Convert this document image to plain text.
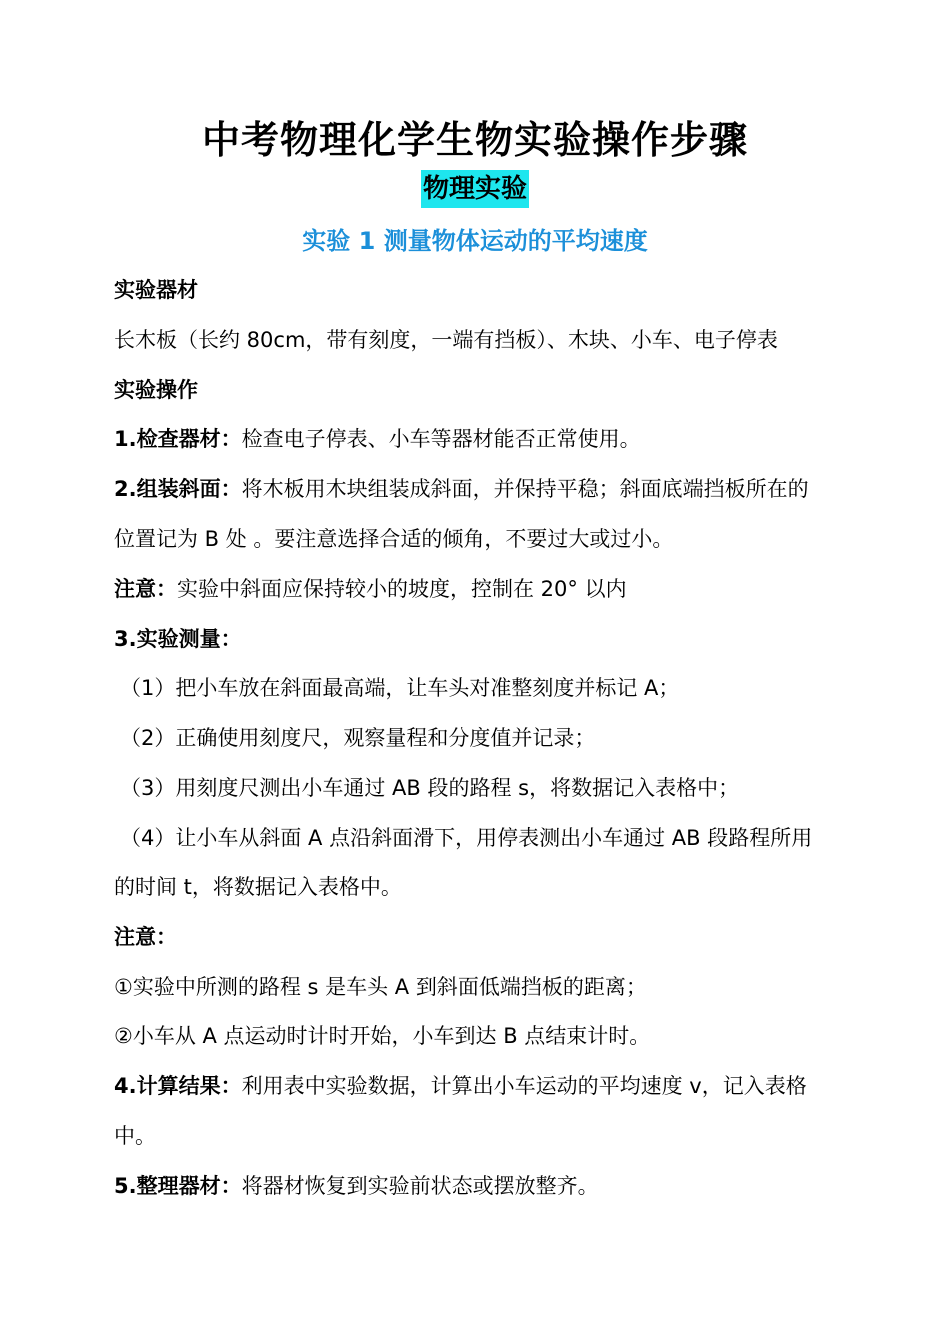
中考物理化学生物实验操作步骤
物理实验
实验 1 测量物体运动的平均速度
实验器材
长木板（长约 80cm，带有刻度，一端有挡板）、木块、小车、电子停表
实验操作
1.检查器材：检查电子停表、小车等器材能否正常使用。
2.组装斜面：将木板用木块组装成斜面，并保持平稳；斜面底端挡板所在的
位置记为 B 处 。要注意选择合适的倾角，不要过大或过小。
注意：实验中斜面应保持较小的坡度，控制在 20° 以内
3.实验测量：
（1）把小车放在斜面最高端，让车头对准整刻度并标记 A；
（2）正确使用刻度尺，观察量程和分度值并记录；
（3）用刻度尺测出小车通过 AB 段的路程 s，将数据记入表格中；
（4）让小车从斜面 A 点沿斜面滑下，用停表测出小车通过 AB 段路程所用
的时间 t，将数据记入表格中。
注意：
①实验中所测的路程 s 是车头 A 到斜面低端挡板的距离；
②小车从 A 点运动时计时开始，小车到达 B 点结束计时。
4.计算结果：利用表中实验数据，计算出小车运动的平均速度 v，记入表格
中。
5.整理器材：将器材恢复到实验前状态或摆放整齐。
